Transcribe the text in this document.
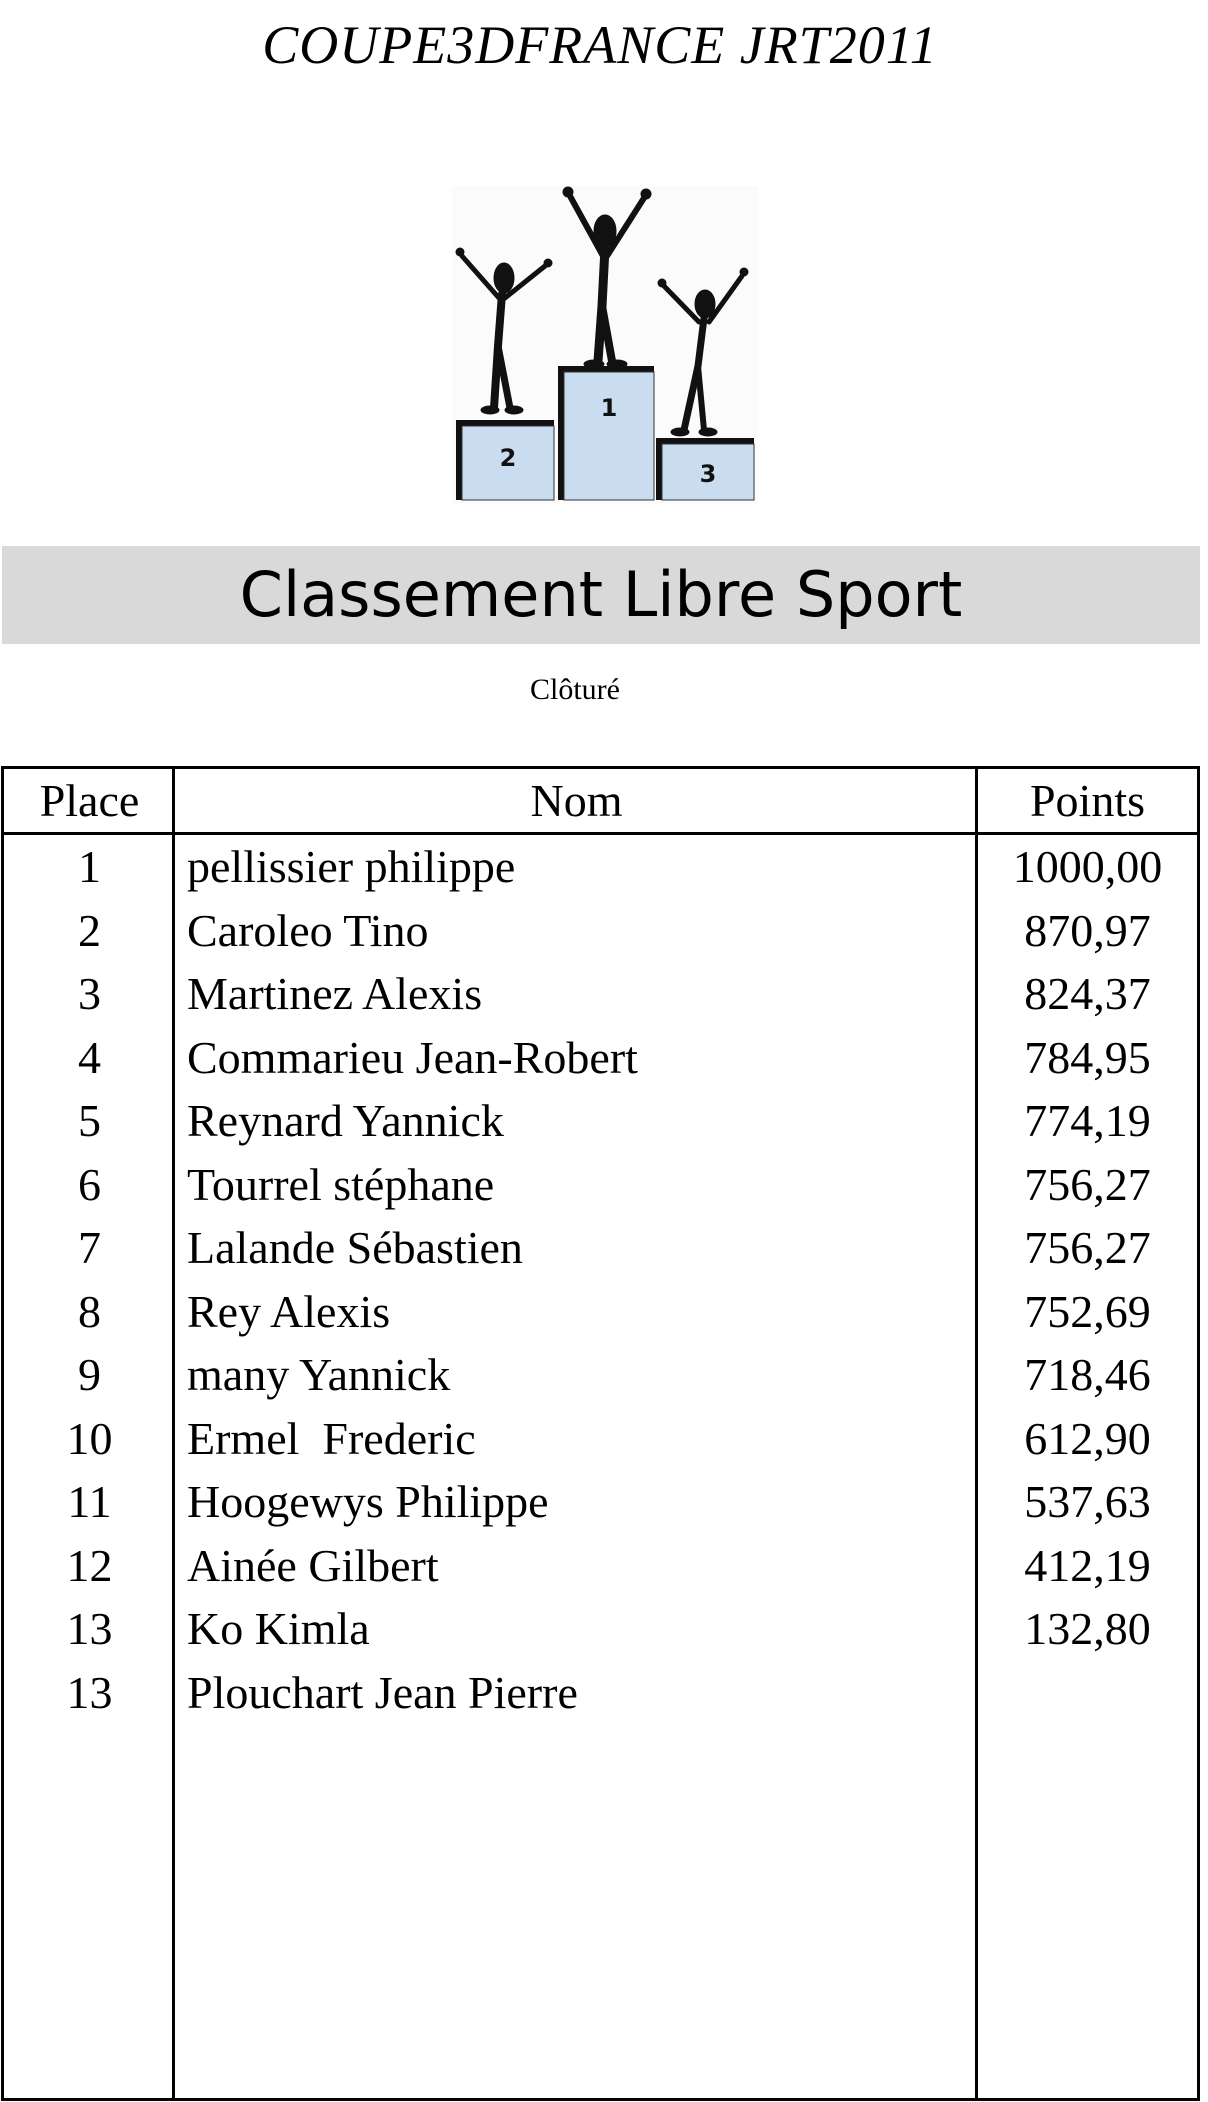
COUPE3DFRANCE JRT2011
1
2
3
Classement Libre Sport
Clôturé
Place	Nom	Points
1	pellissier philippe	1000,00
2	Caroleo Tino	870,97
3	Martinez Alexis	824,37
4	Commarieu Jean-Robert	784,95
5	Reynard Yannick	774,19
6	Tourrel stéphane	756,27
7	Lalande Sébastien	756,27
8	Rey Alexis	752,69
9	many Yannick	718,46
10	Ermel  Frederic	612,90
11	Hoogewys Philippe	537,63
12	Ainée Gilbert	412,19
13	Ko Kimla	132,80
13	Plouchart Jean Pierre
